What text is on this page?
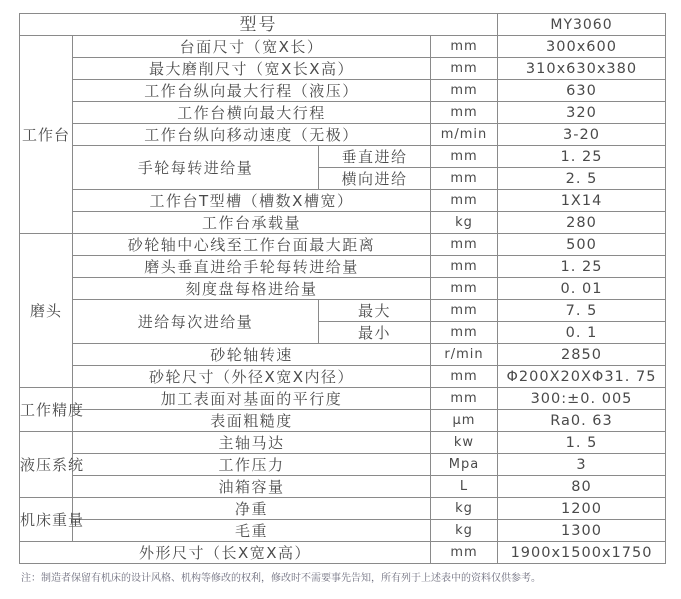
型号				MY3060
工作台	台面尺寸（宽X长）		mm	300x600
	最大磨削尺寸（宽X长X高）		mm	310x630x380
	工作台纵向最大行程（液压）		mm	630
	工作台横向最大行程		mm	320
	工作台纵向移动速度（无极）		m/min	3-20
	手轮每转进给量	垂直进给	mm	1. 25
		横向进给	mm	2. 5
	工作台T型槽（槽数X槽宽）		mm	1X14
	工作台承载量		kg	280
磨头	砂轮轴中心线至工作台面最大距离		mm	500
	磨头垂直进给手轮每转进给量		mm	1. 25
	刻度盘每格进给量		mm	0. 01
	进给每次进给量	最大	mm	7. 5
		最小	mm	0. 1
	砂轮轴转速		r/min	2850
	砂轮尺寸（外径X宽X内径）		mm	Φ200X20XΦ31. 75
工作精度	加工表面对基面的平行度		mm	300:±0. 005
	表面粗糙度		μm	Ra0. 63
液压系统	主轴马达		kw	1. 5
	工作压力		Mpa	3
	油箱容量		L	80
机床重量	净重		kg	1200
	毛重		kg	1300
外形尺寸（长X宽X高）			mm	1900x1500x1750
注：制造者保留有机床的设计风格、机构等修改的权利，修改时不需要事先告知，所有列于上述表中的资料仅供参考。
